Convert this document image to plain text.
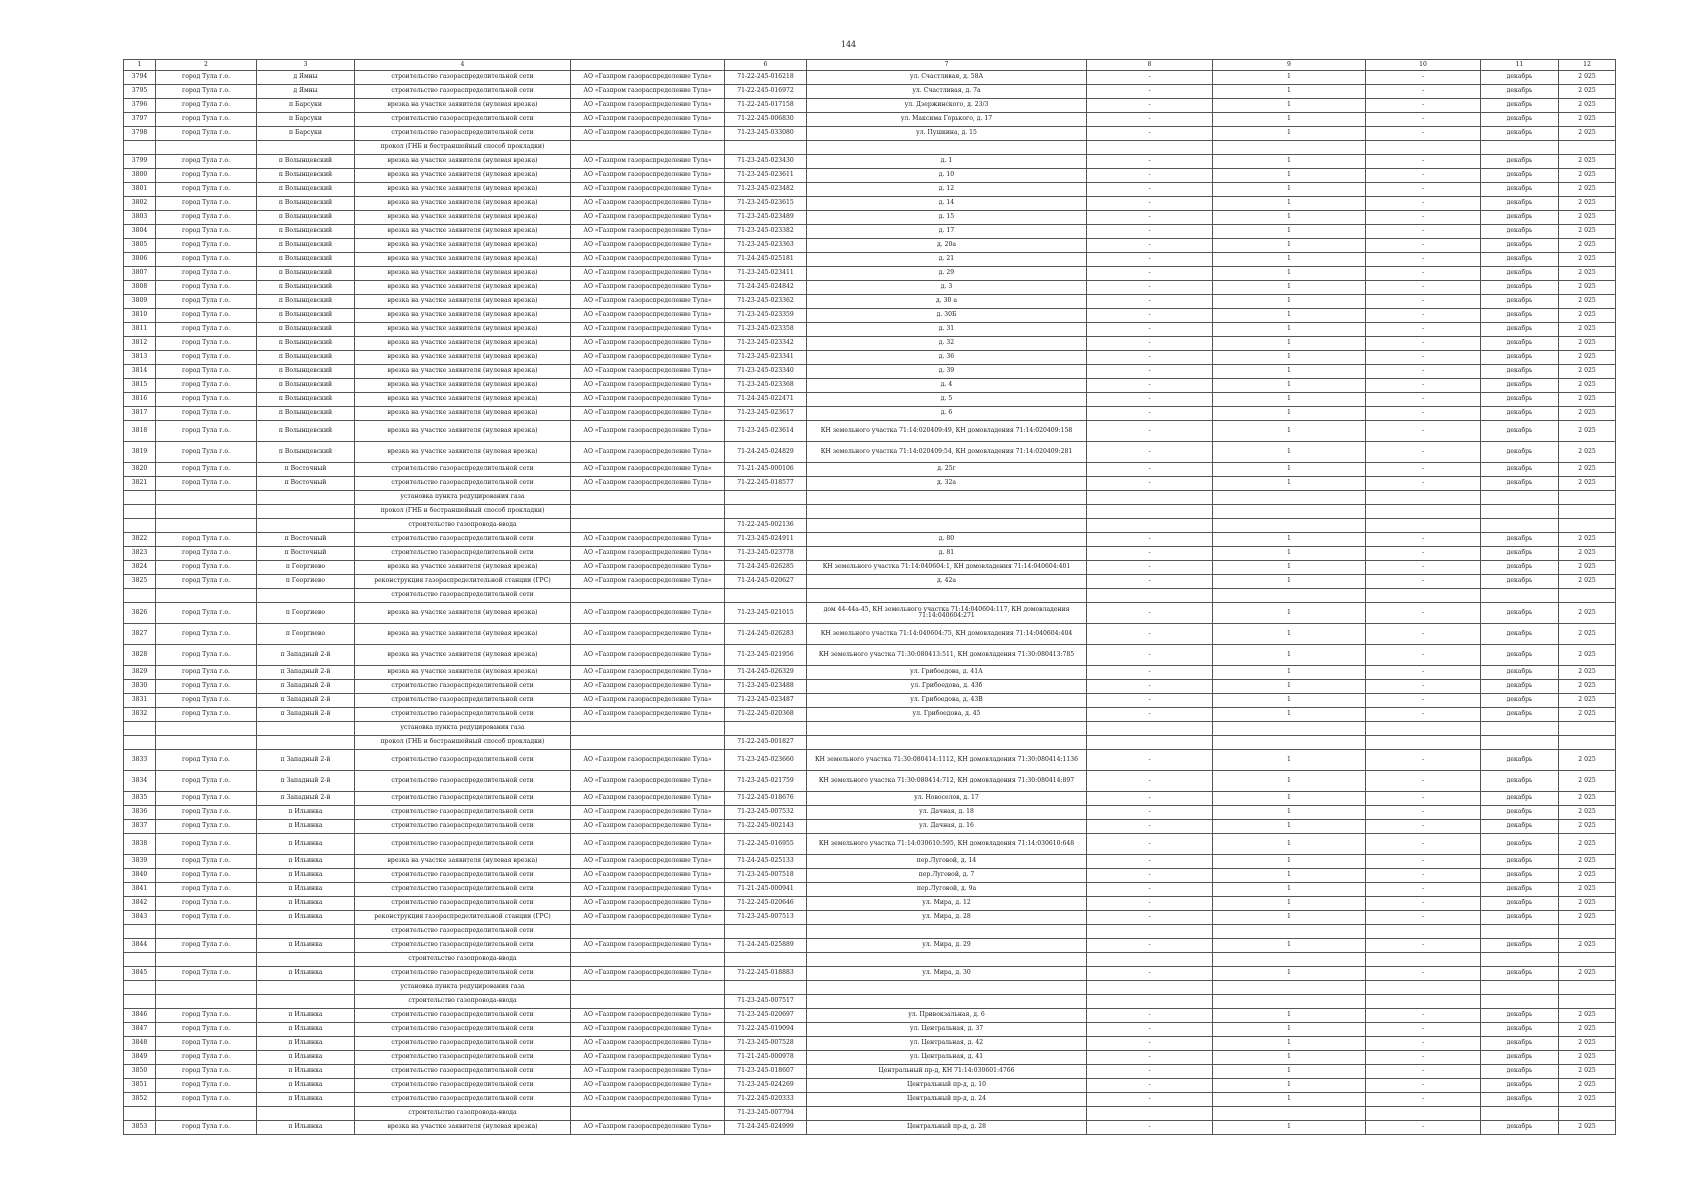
144
1	2	3	4		6	7	8	9	10	11	12
3794	город Тула г.о.	д Ямны	строительство газораспределительной сети	АО «Газпром газораспределение Тула»	71-22-245-016218	ул. Счастливая, д. 58А	-	1	-	декабрь	2 025
3795	город Тула г.о.	д Ямны	строительство газораспределительной сети	АО «Газпром газораспределение Тула»	71-22-245-016972	ул. Счастливая, д. 7а	-	1	-	декабрь	2 025
3796	город Тула г.о.	п Барсуки	врезка на участке заявителя (нулевая врезка)	АО «Газпром газораспределение Тула»	71-22-245-017158	ул. Дзержинского, д. 23/3	-	1	-	декабрь	2 025
3797	город Тула г.о.	п Барсуки	строительство газораспределительной сети	АО «Газпром газораспределение Тула»	71-22-245-006830	ул. Максима Горького, д. 17	-	1	-	декабрь	2 025
3798	город Тула г.о.	п Барсуки	строительство газораспределительной сети	АО «Газпром газораспределение Тула»	71-23-245-033080	ул. Пушкина, д. 15	-	1	-	декабрь	2 025
			прокол (ГНБ и бестраншейный способ прокладки)								
3799	город Тула г.о.	п Волынцевский	врезка на участке заявителя (нулевая врезка)	АО «Газпром газораспределение Тула»	71-23-245-023430	д. 1	-	1	-	декабрь	2 025
3800	город Тула г.о.	п Волынцевский	врезка на участке заявителя (нулевая врезка)	АО «Газпром газораспределение Тула»	71-23-245-023611	д. 10	-	1	-	декабрь	2 025
3801	город Тула г.о.	п Волынцевский	врезка на участке заявителя (нулевая врезка)	АО «Газпром газораспределение Тула»	71-23-245-023482	д. 12	-	1	-	декабрь	2 025
3802	город Тула г.о.	п Волынцевский	врезка на участке заявителя (нулевая врезка)	АО «Газпром газораспределение Тула»	71-23-245-023615	д. 14	-	1	-	декабрь	2 025
3803	город Тула г.о.	п Волынцевский	врезка на участке заявителя (нулевая врезка)	АО «Газпром газораспределение Тула»	71-23-245-023489	д. 15	-	1	-	декабрь	2 025
3804	город Тула г.о.	п Волынцевский	врезка на участке заявителя (нулевая врезка)	АО «Газпром газораспределение Тула»	71-23-245-023382	д. 17	-	1	-	декабрь	2 025
3805	город Тула г.о.	п Волынцевский	врезка на участке заявителя (нулевая врезка)	АО «Газпром газораспределение Тула»	71-23-245-023363	д. 20а	-	1	-	декабрь	2 025
3806	город Тула г.о.	п Волынцевский	врезка на участке заявителя (нулевая врезка)	АО «Газпром газораспределение Тула»	71-24-245-025181	д. 21	-	1	-	декабрь	2 025
3807	город Тула г.о.	п Волынцевский	врезка на участке заявителя (нулевая врезка)	АО «Газпром газораспределение Тула»	71-23-245-023411	д. 29	-	1	-	декабрь	2 025
3808	город Тула г.о.	п Волынцевский	врезка на участке заявителя (нулевая врезка)	АО «Газпром газораспределение Тула»	71-24-245-024842	д. 3	-	1	-	декабрь	2 025
3809	город Тула г.о.	п Волынцевский	врезка на участке заявителя (нулевая врезка)	АО «Газпром газораспределение Тула»	71-23-245-023362	д. 30 а	-	1	-	декабрь	2 025
3810	город Тула г.о.	п Волынцевский	врезка на участке заявителя (нулевая врезка)	АО «Газпром газораспределение Тула»	71-23-245-023359	д. 30Б	-	1	-	декабрь	2 025
3811	город Тула г.о.	п Волынцевский	врезка на участке заявителя (нулевая врезка)	АО «Газпром газораспределение Тула»	71-23-245-023358	д. 31	-	1	-	декабрь	2 025
3812	город Тула г.о.	п Волынцевский	врезка на участке заявителя (нулевая врезка)	АО «Газпром газораспределение Тула»	71-23-245-023342	д. 32	-	1	-	декабрь	2 025
3813	город Тула г.о.	п Волынцевский	врезка на участке заявителя (нулевая врезка)	АО «Газпром газораспределение Тула»	71-23-245-023341	д. 36	-	1	-	декабрь	2 025
3814	город Тула г.о.	п Волынцевский	врезка на участке заявителя (нулевая врезка)	АО «Газпром газораспределение Тула»	71-23-245-023340	д. 39	-	1	-	декабрь	2 025
3815	город Тула г.о.	п Волынцевский	врезка на участке заявителя (нулевая врезка)	АО «Газпром газораспределение Тула»	71-23-245-023368	д. 4	-	1	-	декабрь	2 025
3816	город Тула г.о.	п Волынцевский	врезка на участке заявителя (нулевая врезка)	АО «Газпром газораспределение Тула»	71-24-245-022471	д. 5	-	1	-	декабрь	2 025
3817	город Тула г.о.	п Волынцевский	врезка на участке заявителя (нулевая врезка)	АО «Газпром газораспределение Тула»	71-23-245-023617	д. 6	-	1	-	декабрь	2 025
3818	город Тула г.о.	п Волынцевский	врезка на участке заявителя (нулевая врезка)	АО «Газпром газораспределение Тула»	71-23-245-023614	КН земельного участка 71:14:020409:49, КН домовладения 71:14:020409:158	-	1	-	декабрь	2 025
3819	город Тула г.о.	п Волынцевский	врезка на участке заявителя (нулевая врезка)	АО «Газпром газораспределение Тула»	71-24-245-024829	КН земельного участка 71:14:020409:54, КН домовладения 71:14:020409:281	-	1	-	декабрь	2 025
3820	город Тула г.о.	п Восточный	строительство газораспределительной сети	АО «Газпром газораспределение Тула»	71-21-245-000106	д. 25г	-	1	-	декабрь	2 025
3821	город Тула г.о.	п Восточный	строительство газораспределительной сети	АО «Газпром газораспределение Тула»	71-22-245-018577	д. 32а	-	1	-	декабрь	2 025
			установка пункта редуцирования газа								
			прокол (ГНБ и бестраншейный способ прокладки)								
			строительство газопровода-ввода		71-22-245-002136						
3822	город Тула г.о.	п Восточный	строительство газораспределительной сети	АО «Газпром газораспределение Тула»	71-23-245-024911	д. 80	-	1	-	декабрь	2 025
3823	город Тула г.о.	п Восточный	строительство газораспределительной сети	АО «Газпром газораспределение Тула»	71-23-245-023778	д. 81	-	1	-	декабрь	2 025
3824	город Тула г.о.	п Георгиево	врезка на участке заявителя (нулевая врезка)	АО «Газпром газораспределение Тула»	71-24-245-026285	КН земельного участка 71:14:040604:1, КН домовладения 71:14:040604:401	-	1	-	декабрь	2 025
3825	город Тула г.о.	п Георгиево	реконструкция газораспределительной станции (ГРС)	АО «Газпром газораспределение Тула»	71-24-245-020627	д. 42а	-	1	-	декабрь	2 025
			строительство газораспределительной сети								
3826	город Тула г.о.	п Георгиево	врезка на участке заявителя (нулевая врезка)	АО «Газпром газораспределение Тула»	71-23-245-021015	дом 44-44а-45, КН земельного участка 71:14:040604:117, КН домовладения 71:14:040604:271	-	1	-	декабрь	2 025
3827	город Тула г.о.	п Георгиево	врезка на участке заявителя (нулевая врезка)	АО «Газпром газораспределение Тула»	71-24-245-026283	КН земельного участка 71:14:040604:75, КН домовладения 71:14:040604:404	-	1	-	декабрь	2 025
3828	город Тула г.о.	п Западный 2-й	врезка на участке заявителя (нулевая врезка)	АО «Газпром газораспределение Тула»	71-23-245-021956	КН земельного участка 71:30:080413:511, КН домовладения 71:30:080413:785	-	1	-	декабрь	2 025
3829	город Тула г.о.	п Западный 2-й	врезка на участке заявителя (нулевая врезка)	АО «Газпром газораспределение Тула»	71-24-245-026329	ул. Грибоедова, д. 41А	-	1	-	декабрь	2 025
3830	город Тула г.о.	п Западный 2-й	строительство газораспределительной сети	АО «Газпром газораспределение Тула»	71-23-245-023488	ул. Грибоедова, д. 43б	-	1	-	декабрь	2 025
3831	город Тула г.о.	п Западный 2-й	строительство газораспределительной сети	АО «Газпром газораспределение Тула»	71-23-245-023487	ул. Грибоедова, д. 43В	-	1	-	декабрь	2 025
3832	город Тула г.о.	п Западный 2-й	строительство газораспределительной сети	АО «Газпром газораспределение Тула»	71-22-245-020368	ул. Грибоедова, д. 45	-	1	-	декабрь	2 025
			установка пункта редуцирования газа								
			прокол (ГНБ и бестраншейный способ прокладки)		71-22-245-001827						
3833	город Тула г.о.	п Западный 2-й	строительство газораспределительной сети	АО «Газпром газораспределение Тула»	71-23-245-023660	КН земельного участка 71:30:080414:1112, КН домовладения 71:30:080414:1136	-	1	-	декабрь	2 025
3834	город Тула г.о.	п Западный 2-й	строительство газораспределительной сети	АО «Газпром газораспределение Тула»	71-23-245-021759	КН земельного участка 71:30:080414:712, КН домовладения 71:30:080414:897	-	1	-	декабрь	2 025
3835	город Тула г.о.	п Западный 2-й	строительство газораспределительной сети	АО «Газпром газораспределение Тула»	71-22-245-018676	ул. Новоселов, д. 17	-	1	-	декабрь	2 025
3836	город Тула г.о.	п Ильинка	строительство газораспределительной сети	АО «Газпром газораспределение Тула»	71-23-245-007532	ул. Дачная, д. 18	-	1	-	декабрь	2 025
3837	город Тула г.о.	п Ильинка	строительство газораспределительной сети	АО «Газпром газораспределение Тула»	71-22-245-002143	ул. Дачная, д. 16	-	1	-	декабрь	2 025
3838	город Тула г.о.	п Ильинка	строительство газораспределительной сети	АО «Газпром газораспределение Тула»	71-22-245-016955	КН земельного участка 71:14:030610:595, КН домовладения 71:14:030610:648	-	1	-	декабрь	2 025
3839	город Тула г.о.	п Ильинка	врезка на участке заявителя (нулевая врезка)	АО «Газпром газораспределение Тула»	71-24-245-025133	пер.Луговой, д. 14	-	1	-	декабрь	2 025
3840	город Тула г.о.	п Ильинка	строительство газораспределительной сети	АО «Газпром газораспределение Тула»	71-23-245-007518	пер.Луговой, д. 7	-	1	-	декабрь	2 025
3841	город Тула г.о.	п Ильинка	строительство газораспределительной сети	АО «Газпром газораспределение Тула»	71-21-245-000941	пер.Луговой, д. 9а	-	1	-	декабрь	2 025
3842	город Тула г.о.	п Ильинка	строительство газораспределительной сети	АО «Газпром газораспределение Тула»	71-22-245-020646	ул. Мира, д. 12	-	1	-	декабрь	2 025
3843	город Тула г.о.	п Ильинка	реконструкция газораспределительной станции (ГРС)	АО «Газпром газораспределение Тула»	71-23-245-007513	ул. Мира, д. 28	-	1	-	декабрь	2 025
			строительство газораспределительной сети								
3844	город Тула г.о.	п Ильинка	строительство газораспределительной сети	АО «Газпром газораспределение Тула»	71-24-245-025889	ул. Мира, д. 29	-	1	-	декабрь	2 025
			строительство газопровода-ввода								
3845	город Тула г.о.	п Ильинка	строительство газораспределительной сети	АО «Газпром газораспределение Тула»	71-22-245-018883	ул. Мира, д. 30	-	1	-	декабрь	2 025
			установка пункта редуцирования газа								
			строительство газопровода-ввода		71-23-245-007517						
3846	город Тула г.о.	п Ильинка	строительство газораспределительной сети	АО «Газпром газораспределение Тула»	71-23-245-020697	ул. Привокзальная, д. 6	-	1	-	декабрь	2 025
3847	город Тула г.о.	п Ильинка	строительство газораспределительной сети	АО «Газпром газораспределение Тула»	71-22-245-019094	ул. Центральная, д. 37	-	1	-	декабрь	2 025
3848	город Тула г.о.	п Ильинка	строительство газораспределительной сети	АО «Газпром газораспределение Тула»	71-23-245-007528	ул. Центральная, д. 42	-	1	-	декабрь	2 025
3849	город Тула г.о.	п Ильинка	строительство газораспределительной сети	АО «Газпром газораспределение Тула»	71-21-245-000978	ул. Центральная, д. 41	-	1	-	декабрь	2 025
3850	город Тула г.о.	п Ильинка	строительство газораспределительной сети	АО «Газпром газораспределение Тула»	71-23-245-018607	Центральный пр-д, КН 71:14:030601:4766	-	1	-	декабрь	2 025
3851	город Тула г.о.	п Ильинка	строительство газораспределительной сети	АО «Газпром газораспределение Тула»	71-23-245-024269	Центральный пр-д, д. 10	-	1	-	декабрь	2 025
3852	город Тула г.о.	п Ильинка	строительство газораспределительной сети	АО «Газпром газораспределение Тула»	71-22-245-020333	Центральный пр-д, д. 24	-	1	-	декабрь	2 025
			строительство газопровода-ввода		71-23-245-007794						
3853	город Тула г.о.	п Ильинка	врезка на участке заявителя (нулевая врезка)	АО «Газпром газораспределение Тула»	71-24-245-024999	Центральный пр-д, д. 28	-	1	-	декабрь	2 025
